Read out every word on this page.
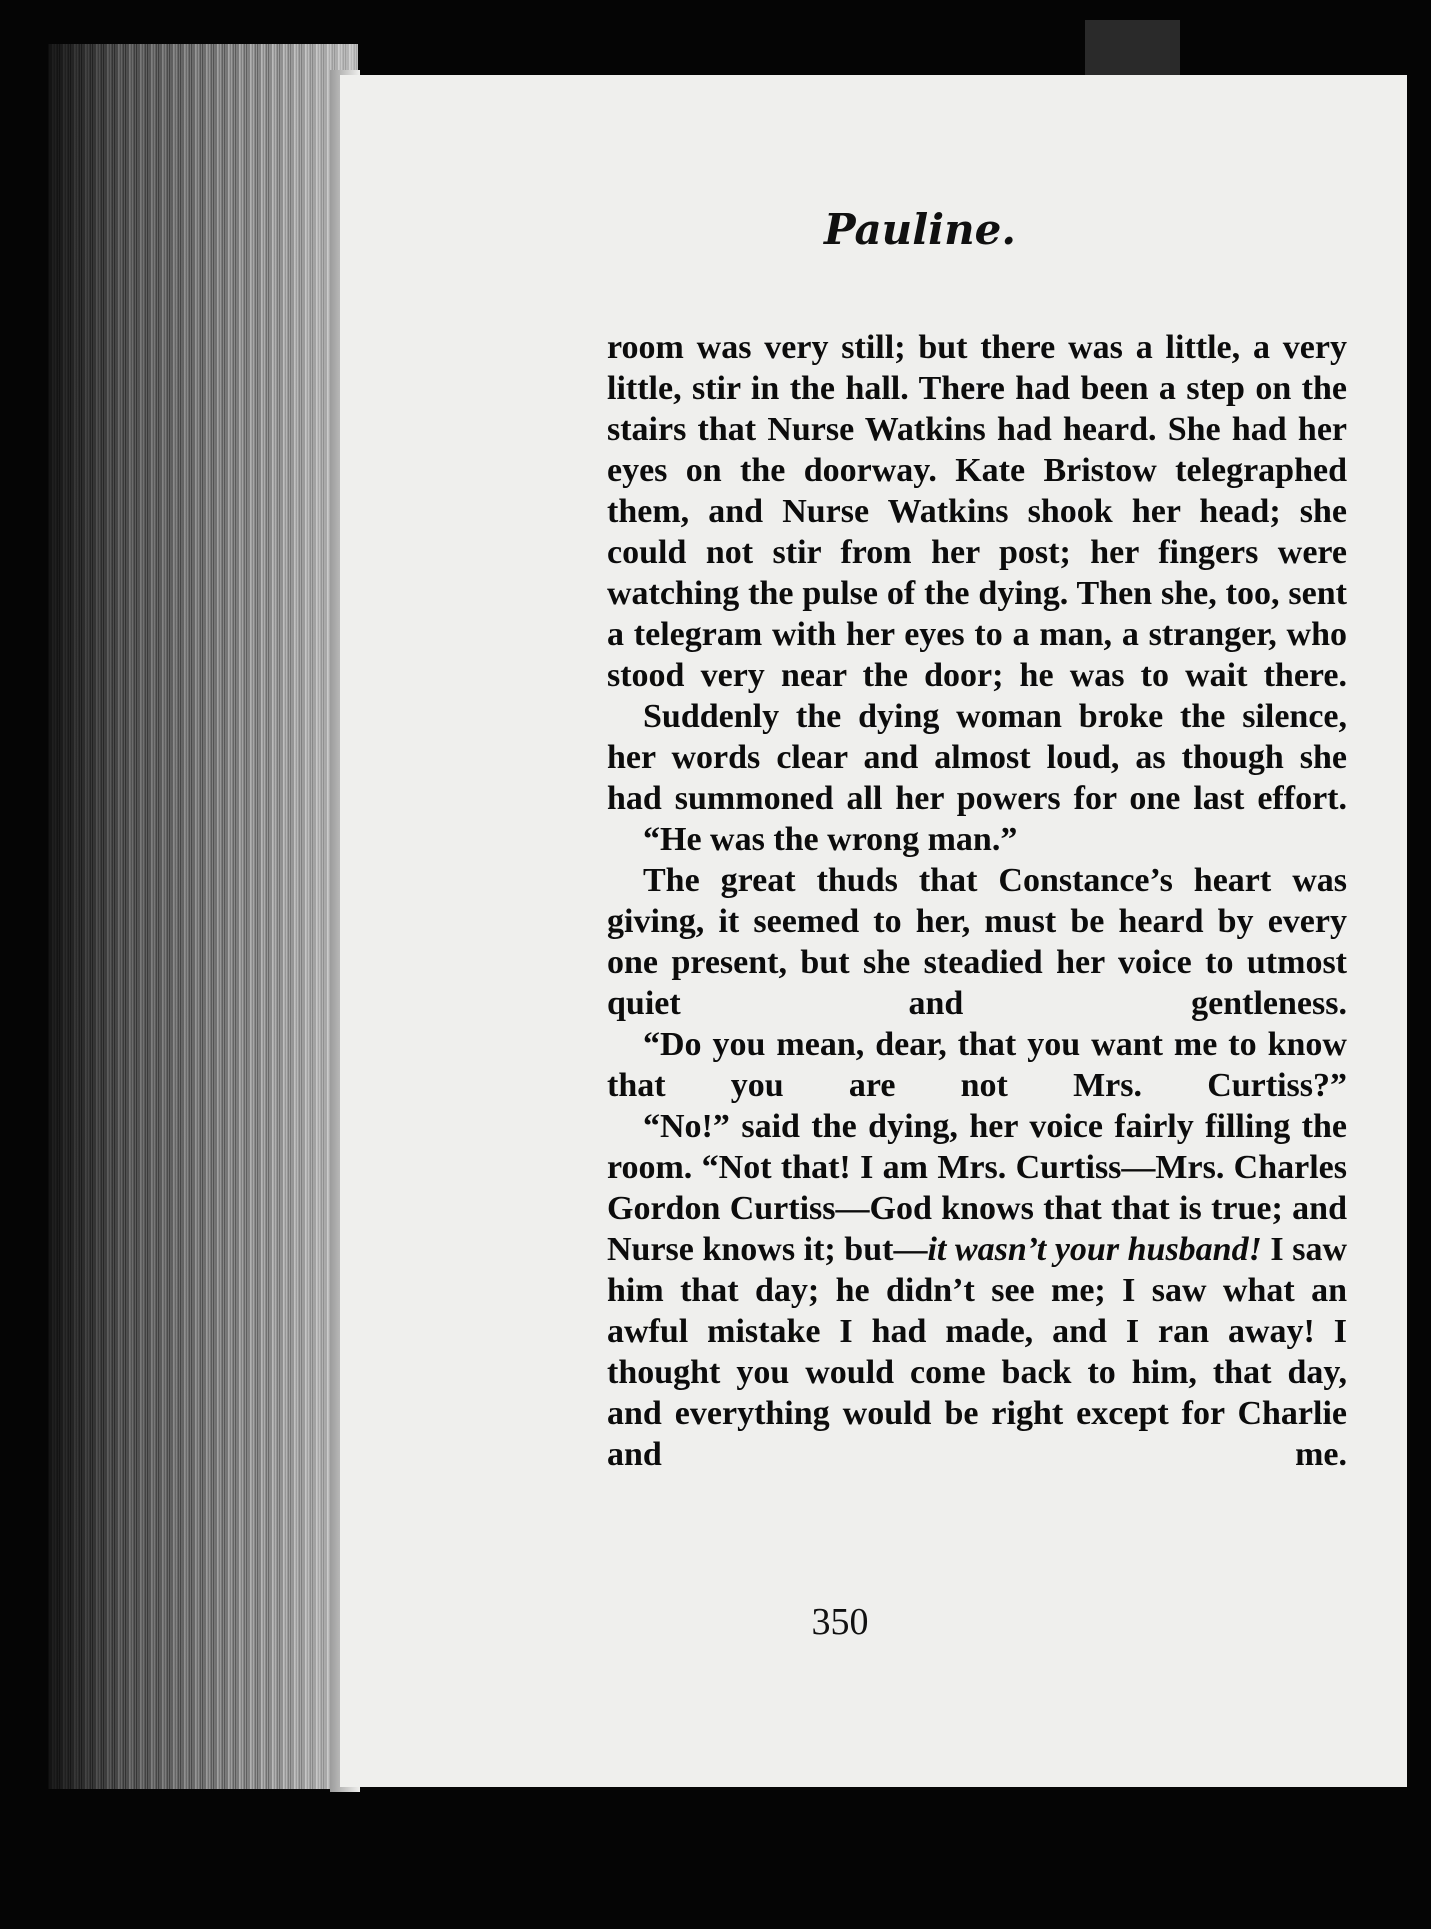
Pauline.

room was very still; but there was a little, a very little, stir in the hall. There had been a step on the stairs that Nurse Watkins had heard. She had her eyes on the doorway. Kate Bristow telegraphed them, and Nurse Watkins shook her head; she could not stir from her post; her fingers were watching the pulse of the dying. Then she, too, sent a telegram with her eyes to a man, a stranger, who stood very near the door; he was to wait there.

Suddenly the dying woman broke the silence, her words clear and almost loud, as though she had summoned all her powers for one last effort.

“He was the wrong man.”

The great thuds that Constance’s heart was giving, it seemed to her, must be heard by every one present, but she steadied her voice to utmost quiet and gentleness.

“Do you mean, dear, that you want me to know that you are not Mrs. Curtiss?”

“No!” said the dying, her voice fairly filling the room. “Not that! I am Mrs. Curtiss—Mrs. Charles Gordon Curtiss—God knows that that is true; and Nurse knows it; but—it wasn’t your husband! I saw him that day; he didn’t see me; I saw what an awful mistake I had made, and I ran away! I thought you would come back to him, that day, and everything would be right except for Charlie and me.

350
